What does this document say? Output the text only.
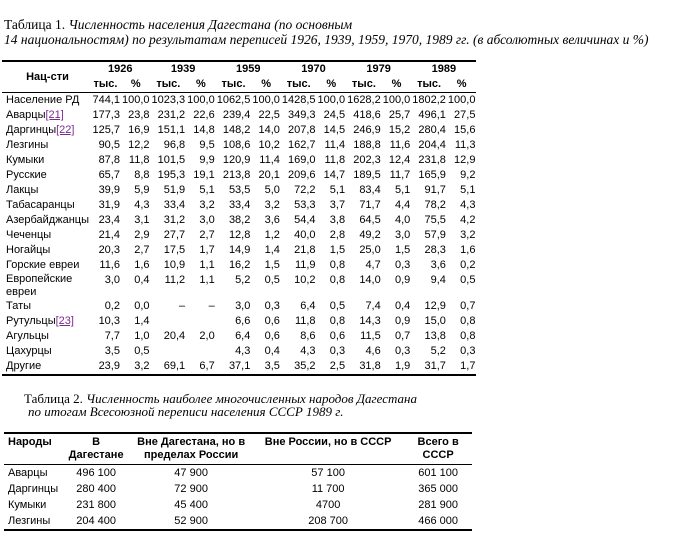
Таблица 1. Численность населения Дагестана (по основным
14 национальностям) по результатам переписей 1926, 1939, 1959, 1970, 1989 гг. (в абсолютных величинах и %)
Нац-сти	1926		1939		1959		1970		1979		1989	
	тыс.	%	тыс.	%	тыс.	%	тыс.	%	тыс.	%	тыс.	%
Население РД	744,1	100,0	1023,3	100,0	1062,5	100,0	1428,5	100,0	1628,2	100,0	1802,2	100,0
Аварцы[21]	177,3	23,8	231,2	22,6	239,4	22,5	349,3	24,5	418,6	25,7	496,1	27,5
Даргинцы[22]	125,7	16,9	151,1	14,8	148,2	14,0	207,8	14,5	246,9	15,2	280,4	15,6
Лезгины	90,5	12,2	96,8	9,5	108,6	10,2	162,7	11,4	188,8	11,6	204,4	11,3
Кумыки	87,8	11,8	101,5	9,9	120,9	11,4	169,0	11,8	202,3	12,4	231,8	12,9
Русские	65,7	8,8	195,3	19,1	213,8	20,1	209,6	14,7	189,5	11,7	165,9	9,2
Лакцы	39,9	5,9	51,9	5,1	53,5	5,0	72,2	5,1	83,4	5,1	91,7	5,1
Табасаранцы	31,9	4,3	33,4	3,2	33,4	3,2	53,3	3,7	71,7	4,4	78,2	4,3
Азербайджанцы	23,4	3,1	31,2	3,0	38,2	3,6	54,4	3,8	64,5	4,0	75,5	4,2
Чеченцы	21,4	2,9	27,7	2,7	12,8	1,2	40,0	2,8	49,2	3,0	57,9	3,2
Ногайцы	20,3	2,7	17,5	1,7	14,9	1,4	21,8	1,5	25,0	1,5	28,3	1,6
Горские евреи	11,6	1,6	10,9	1,1	16,2	1,5	11,9	0,8	4,7	0,3	3,6	0,2
Европейские евреи	3,0	0,4	11,2	1,1	5,2	0,5	10,2	0,8	14,0	0,9	9,4	0,5
Таты	0,2	0,0	–	–	3,0	0,3	6,4	0,5	7,4	0,4	12,9	0,7
Рутульцы[23]	10,3	1,4			6,6	0,6	11,8	0,8	14,3	0,9	15,0	0,8
Агульцы	7,7	1,0	20,4	2,0	6,4	0,6	8,6	0,6	11,5	0,7	13,8	0,8
Цахурцы	3,5	0,5			4,3	0,4	4,3	0,3	4,6	0,3	5,2	0,3
Другие	23,9	3,2	69,1	6,7	37,1	3,5	35,2	2,5	31,8	1,9	31,7	1,7
Таблица 2. Численность наиболее многочисленных народов Дагестана
по итогам Всесоюзной переписи населения СССР 1989 г.
Народы	В Дагестане	Вне Дагестана, но в пределах России	Вне России, но в СССР	Всего в СССР
Аварцы	496 100	47 900	57 100	601 100
Даргинцы	280 400	72 900	11 700	365 000
Кумыки	231 800	45 400	4700	281 900
Лезгины	204 400	52 900	208 700	466 000
